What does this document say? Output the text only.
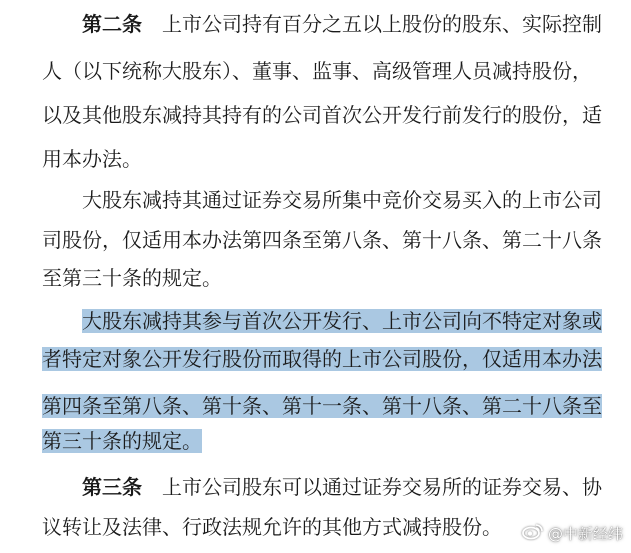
第二条  上市公司持有百分之五以上股份的股东、实际控制
人（以下统称大股东）、董事、监事、高级管理人员减持股份，
以及其他股东减持其持有的公司首次公开发行前发行的股份，适
用本办法。
大股东减持其通过证券交易所集中竞价交易买入的上市公司
司股份，仅适用本办法第四条至第八条、第十八条、第二十八条
至第三十条的规定。
大股东减持其参与首次公开发行、上市公司向不特定对象或
者特定对象公开发行股份而取得的上市公司股份，仅适用本办法
第四条至第八条、第十条、第十一条、第十八条、第二十八条至
第三十条的规定。
第三条  上市公司股东可以通过证券交易所的证券交易、协
议转让及法律、行政法规允许的其他方式减持股份。	@中新经纬
